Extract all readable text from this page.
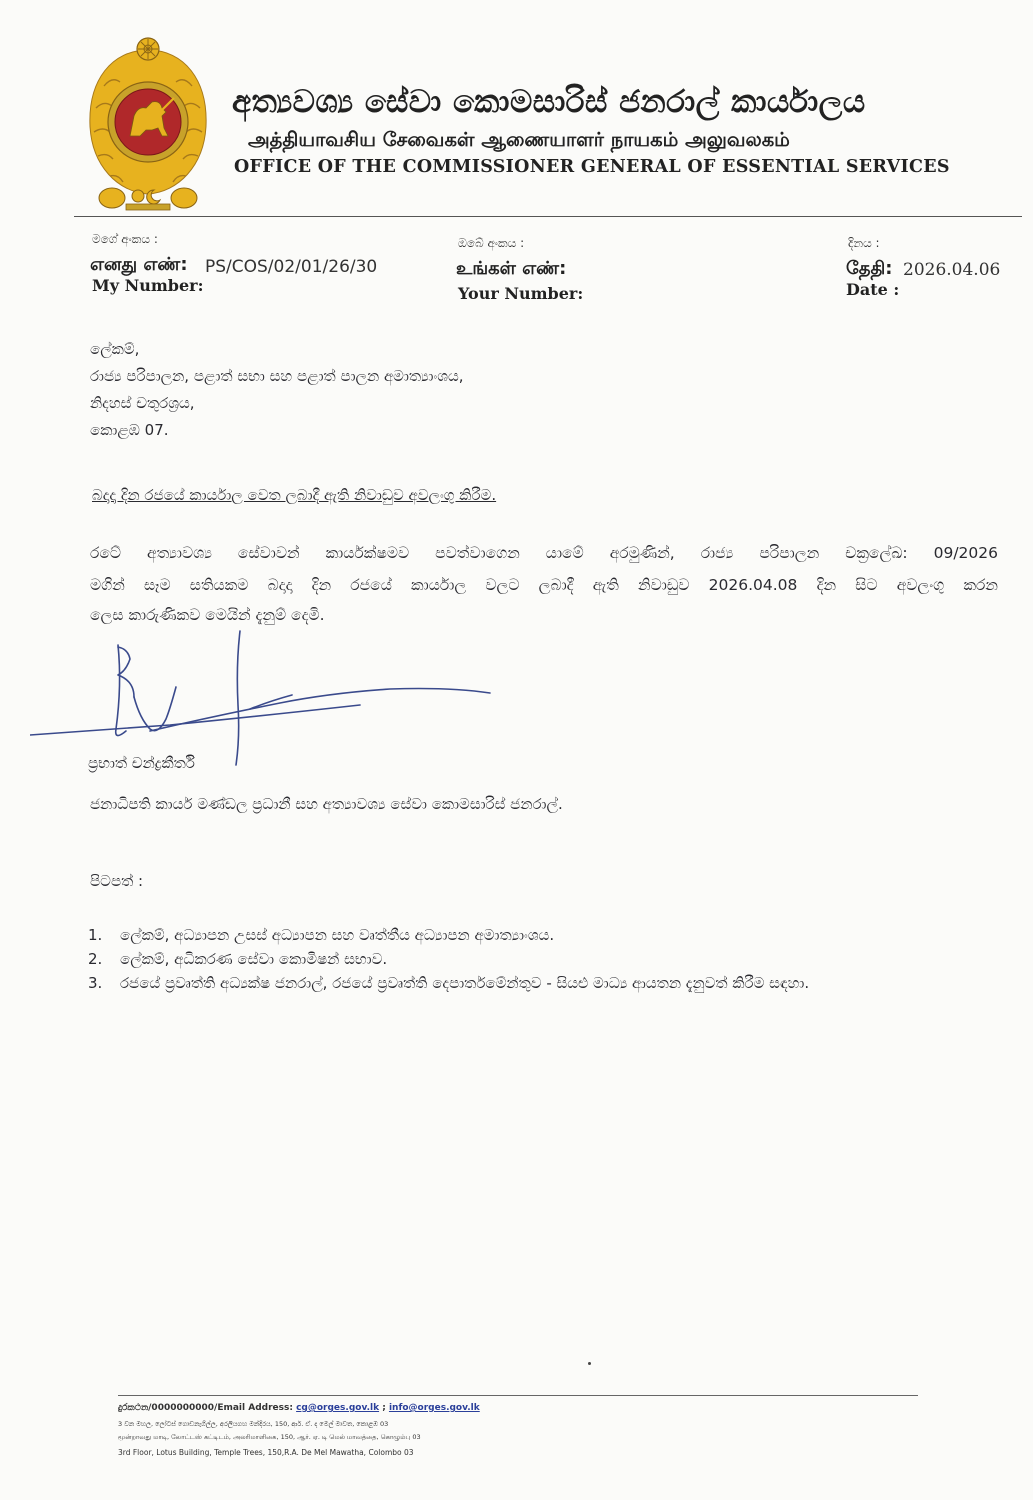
අත්‍යවශ්‍ය සේවා කොමසාරිස් ජනරාල් කාර්යාලය
அத்தியாவசிய சேவைகள் ஆணையாளர் நாயகம் அலுவலகம்
OFFICE OF THE COMMISSIONER GENERAL OF ESSENTIAL SERVICES
මගේ අංකය :
எனது எண்: PS/COS/02/01/26/30
My Number:
ඔබේ අංකය :
உங்கள் எண்:
Your Number:
දිනය :
தேதி: 2026.04.06
Date :
ලේකම්,
රාජ්‍ය පරිපාලන, පළාත් සභා සහ පළාත් පාලන අමාත්‍යාංශය,
නිදහස් චතුරශ්‍රය,
කොළඹ 07.
බදාදා දින රජයේ කාර්යාල වෙත ලබාදී ඇති නිවාඩුව අවලංගු කිරීම.
රටේ අත්‍යාවශ්‍ය සේවාවන් කාර්යක්ෂමව පවත්වාගෙන යාමේ අරමුණින්, රාජ්‍ය පරිපාලන චක්‍රලේඛ: 09/2026
මගින් සෑම සතියකම බදාදා දින රජයේ කාර්යාල වලට ලබාදී ඇති නිවාඩුව 2026.04.08 දින සිට අවලංගු කරන
ලෙස කාරුණිකව මෙයින් දැනුම් දෙමි.
ප්‍රභාත් චන්ද්‍රකීර්ති
ජනාධිපති කාර්ය මණ්ඩල ප්‍රධානී සහ අත්‍යාවශ්‍ය සේවා කොමසාරිස් ජනරාල්.
පිටපත් :
1. ලේකම්, අධ්‍යාපන උසස් අධ්‍යාපන සහ වෘත්තීය අධ්‍යාපන අමාත්‍යාංශය.
2. ලේකම්, අධිකරණ සේවා කොමිෂන් සභාව.
3. රජයේ ප්‍රවෘත්ති අධ්‍යක්ෂ ජනරාල්, රජයේ ප්‍රවෘත්ති දෙපාර්තමේන්තුව - සියළු මාධ්‍ය ආයතන දැනුවත් කිරීම සඳහා.
දුරකථන/0000000000/Email Address: cg@orges.gov.lk ; info@orges.gov.lk
3 වන මහල, ලෝටස් ගොඩනැගිල්ල, අරලියගහ මන්දිරය, 150, ආර්. ඒ. ද මෙල් මාවත, කොළඹ 03
மூன்றாவது மாடி, லோட்டஸ் கட்டிடம், அலரிமாளிகை, 150, ஆர். ஏ. டி மெல் மாவத்தை, கொழும்பு 03
3rd Floor, Lotus Building, Temple Trees, 150,R.A. De Mel Mawatha, Colombo 03
